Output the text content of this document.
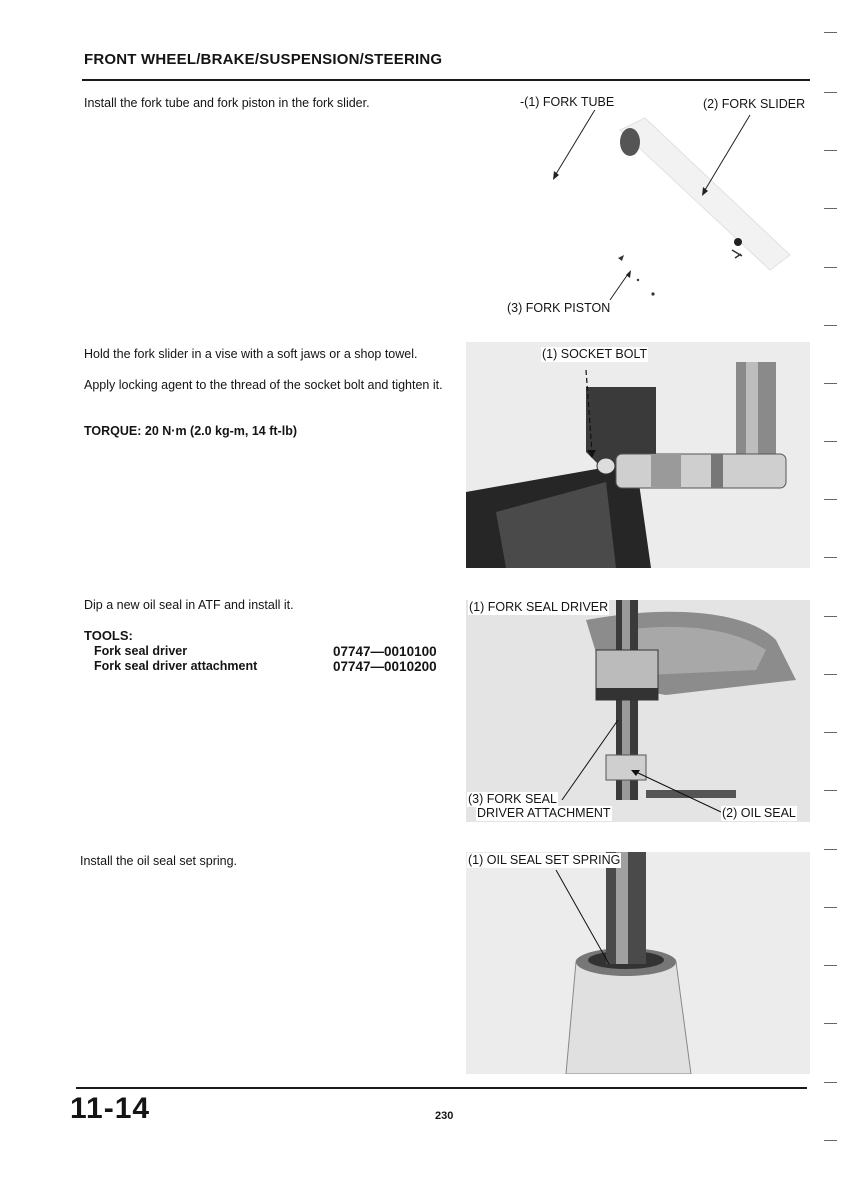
FRONT WHEEL/BRAKE/SUSPENSION/STEERING
Install the fork tube and fork piston in the fork slider.	-(1) FORK TUBE	(2) FORK SLIDER
(3) FORK PISTON
Hold the fork slider in a vise with a soft jaws or a shop towel.
Apply locking agent to the thread of the socket bolt and tighten it.
TORQUE: 20 N·m (2.0 kg-m, 14 ft-lb)
(1) SOCKET BOLT
Dip a new oil seal in ATF and install it.
TOOLS:
Fork seal driver	07747—0010100
Fork seal driver attachment	07747—0010200
(1) FORK SEAL DRIVER
(3) FORK SEAL
DRIVER ATTACHMENT	(2) OIL SEAL
Install the oil seal set spring.	(1) OIL SEAL SET SPRING
11-14	230
